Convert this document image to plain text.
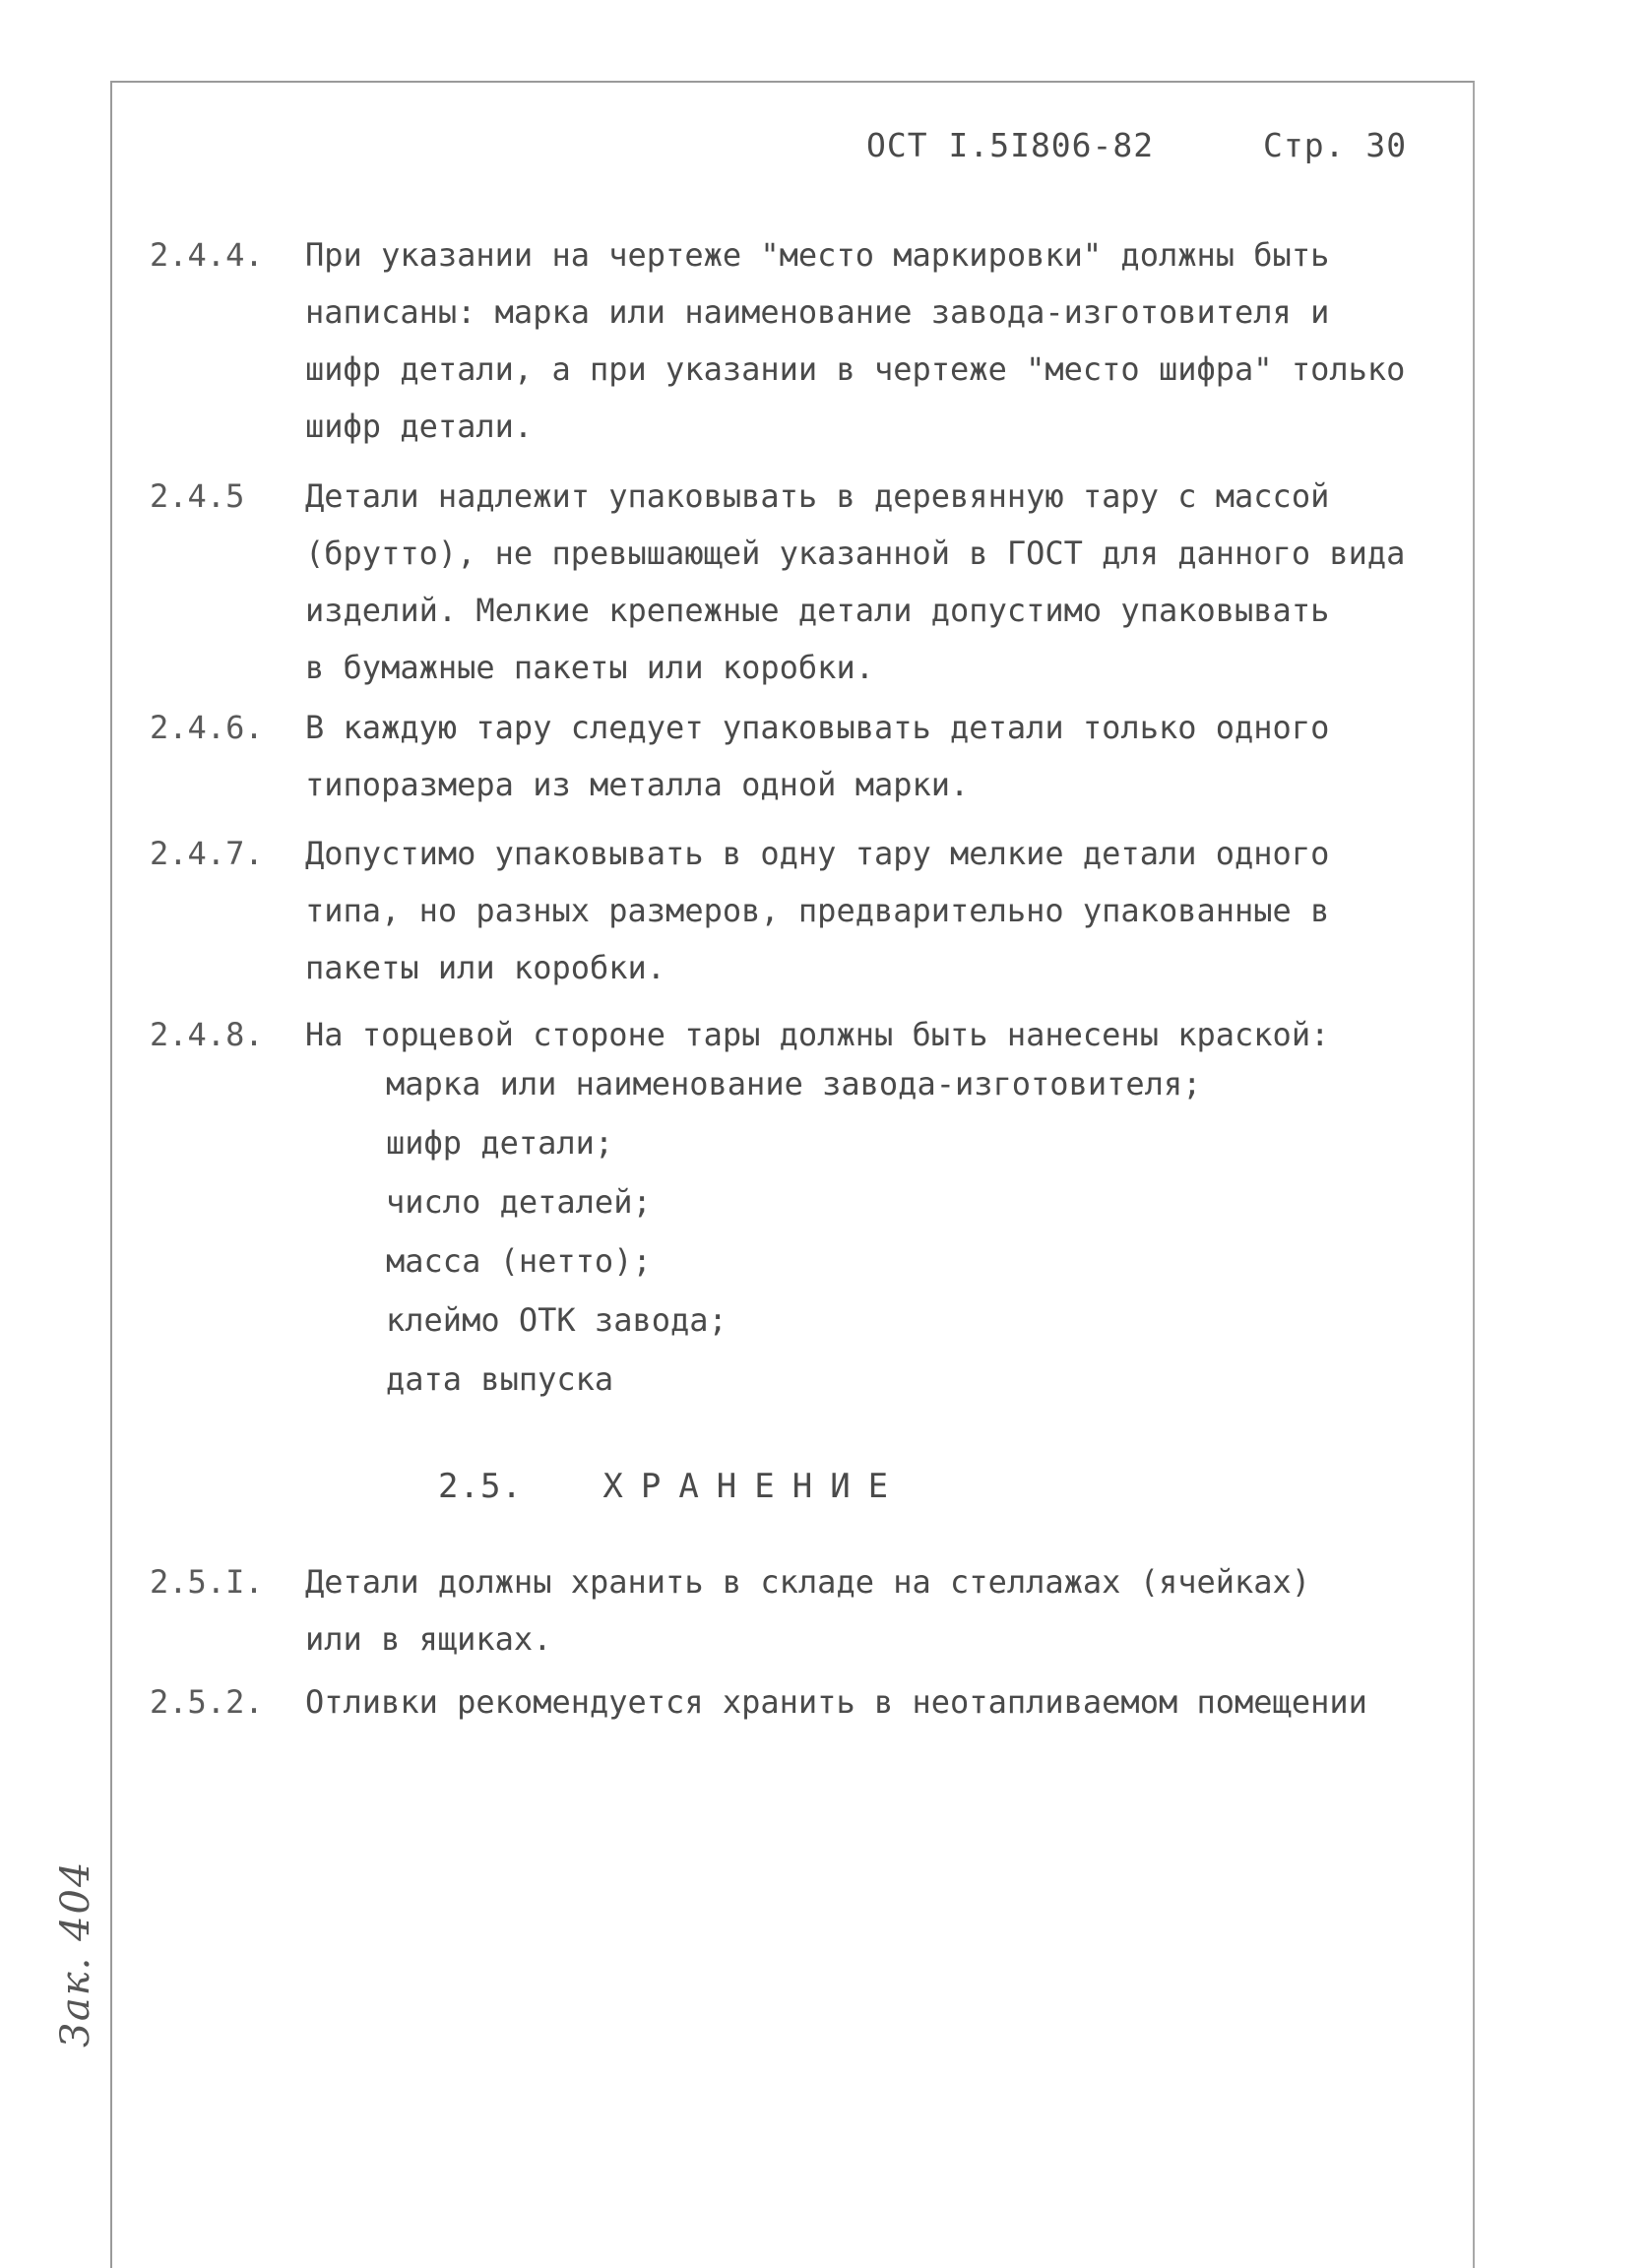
ОСТ I.5I806-82	Стр. 30
2.4.4.	При указании на чертеже "место маркировки" должны быть
написаны: марка или наименование завода-изготовителя и
шифр детали, а при указании в чертеже "место шифра" только
шифр детали.
2.4.5	Детали надлежит упаковывать в деревянную тару с массой
(брутто), не превышающей указанной в ГОСТ для данного вида
изделий. Мелкие крепежные детали допустимо упаковывать
в бумажные пакеты или коробки.
2.4.6.	В каждую тару следует упаковывать детали только одного
типоразмера из металла одной марки.
2.4.7.	Допустимо упаковывать в одну тару мелкие детали одного
типа, но разных размеров, предварительно упакованные в
пакеты или коробки.
2.4.8.	На торцевой стороне тары должны быть нанесены краской:
марка или наименование завода-изготовителя;
шифр детали;
число деталей;
масса (нетто);
клеймо ОТК завода;
дата выпуска
2.5. ХРАНЕНИЕ
2.5.I.	Детали должны хранить в складе на стеллажах (ячейках)
или в ящиках.
2.5.2.	Отливки рекомендуется хранить в неотапливаемом помещении
Зак. 404
